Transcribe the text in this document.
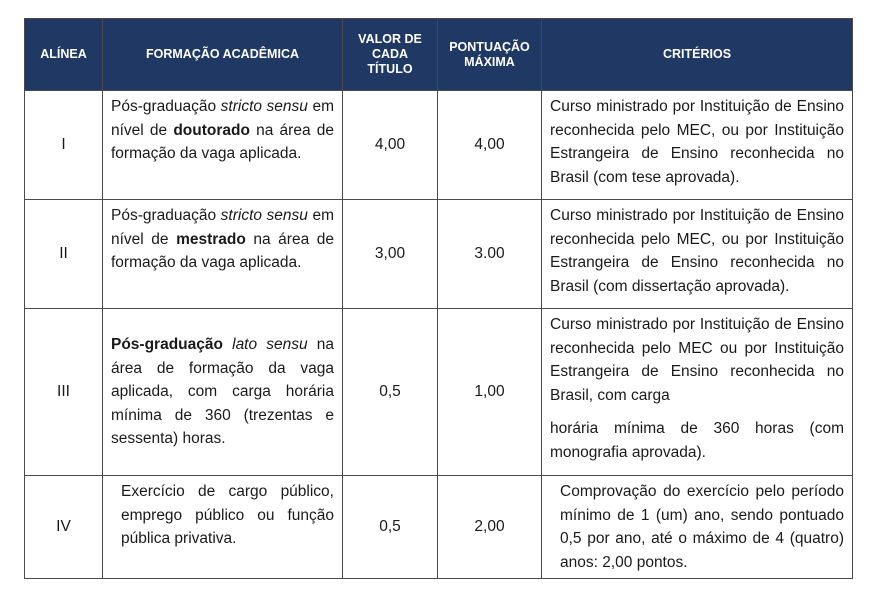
ALÍNEA	FORMAÇÃO ACADÊMICA	VALOR DE CADA TÍTULO	PONTUAÇÃO MÁXIMA	CRITÉRIOS
I	Pós-graduação stricto sensu em nível de doutorado na área de formação da vaga aplicada.	4,00	4,00	Curso ministrado por Instituição de Ensino reconhecida pelo MEC, ou por Instituição Estrangeira de Ensino reconhecida no Brasil (com tese aprovada).
II	Pós-graduação stricto sensu em nível de mestrado na área de formação da vaga aplicada.	3,00	3.00	Curso ministrado por Instituição de Ensino reconhecida pelo MEC, ou por Instituição Estrangeira de Ensino reconhecida no Brasil (com dissertação aprovada).
III	Pós-graduação lato sensu na área de formação da vaga aplicada, com carga horária mínima de 360 (trezentas e sessenta) horas.	0,5	1,00	Curso ministrado por Instituição de Ensino reconhecida pelo MEC ou por Instituição Estrangeira de Ensino reconhecida no Brasil, com carga
horária mínima de 360 horas (com monografia aprovada).
IV	Exercício de cargo público, emprego público ou função pública privativa.	0,5	2,00	Comprovação do exercício pelo período mínimo de 1 (um) ano, sendo pontuado 0,5 por ano, até o máximo de 4 (quatro) anos: 2,00 pontos.
